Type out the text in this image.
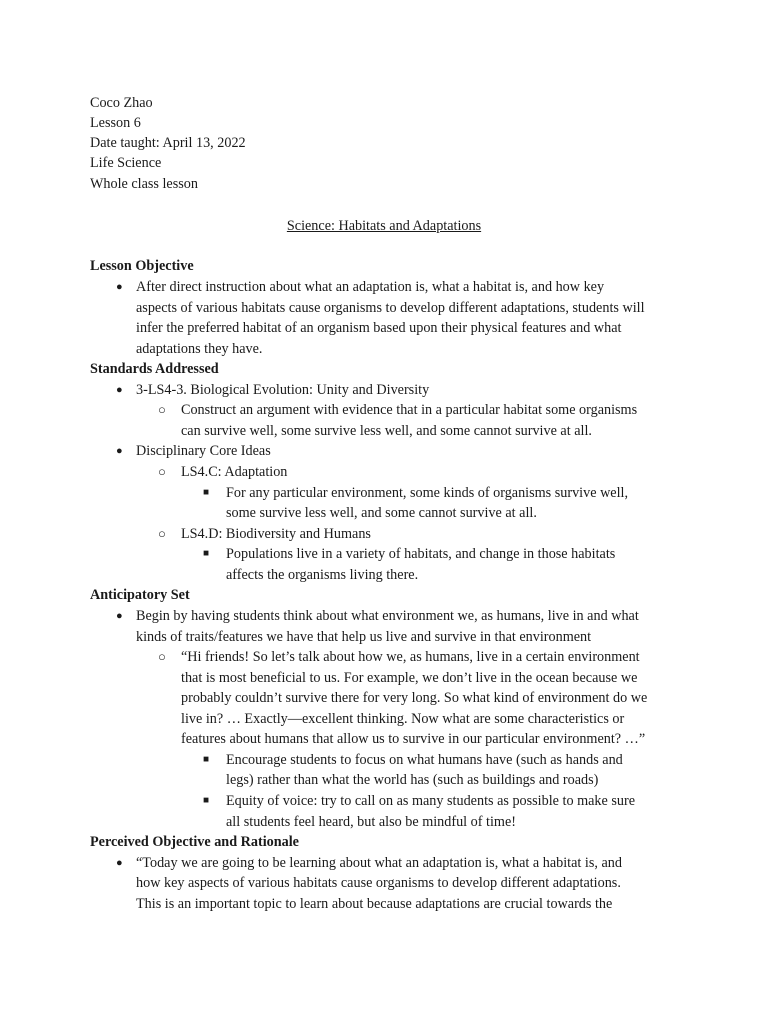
Coco Zhao
Lesson 6
Date taught: April 13, 2022
Life Science
Whole class lesson
Science: Habitats and Adaptations
Lesson Objective
● After direct instruction about what an adaptation is, what a habitat is, and how key
aspects of various habitats cause organisms to develop different adaptations, students will
infer the preferred habitat of an organism based upon their physical features and what
adaptations they have.
Standards Addressed
● 3-LS4-3. Biological Evolution: Unity and Diversity
○ Construct an argument with evidence that in a particular habitat some organisms
can survive well, some survive less well, and some cannot survive at all.
● Disciplinary Core Ideas
○ LS4.C: Adaptation
■ For any particular environment, some kinds of organisms survive well,
some survive less well, and some cannot survive at all.
○ LS4.D: Biodiversity and Humans
■ Populations live in a variety of habitats, and change in those habitats
affects the organisms living there.
Anticipatory Set
● Begin by having students think about what environment we, as humans, live in and what
kinds of traits/features we have that help us live and survive in that environment
○ “Hi friends! So let’s talk about how we, as humans, live in a certain environment
that is most beneficial to us. For example, we don’t live in the ocean because we
probably couldn’t survive there for very long. So what kind of environment do we
live in? … Exactly—excellent thinking. Now what are some characteristics or
features about humans that allow us to survive in our particular environment? …”
■ Encourage students to focus on what humans have (such as hands and
legs) rather than what the world has (such as buildings and roads)
■ Equity of voice: try to call on as many students as possible to make sure
all students feel heard, but also be mindful of time!
Perceived Objective and Rationale
● “Today we are going to be learning about what an adaptation is, what a habitat is, and
how key aspects of various habitats cause organisms to develop different adaptations.
This is an important topic to learn about because adaptations are crucial towards the
